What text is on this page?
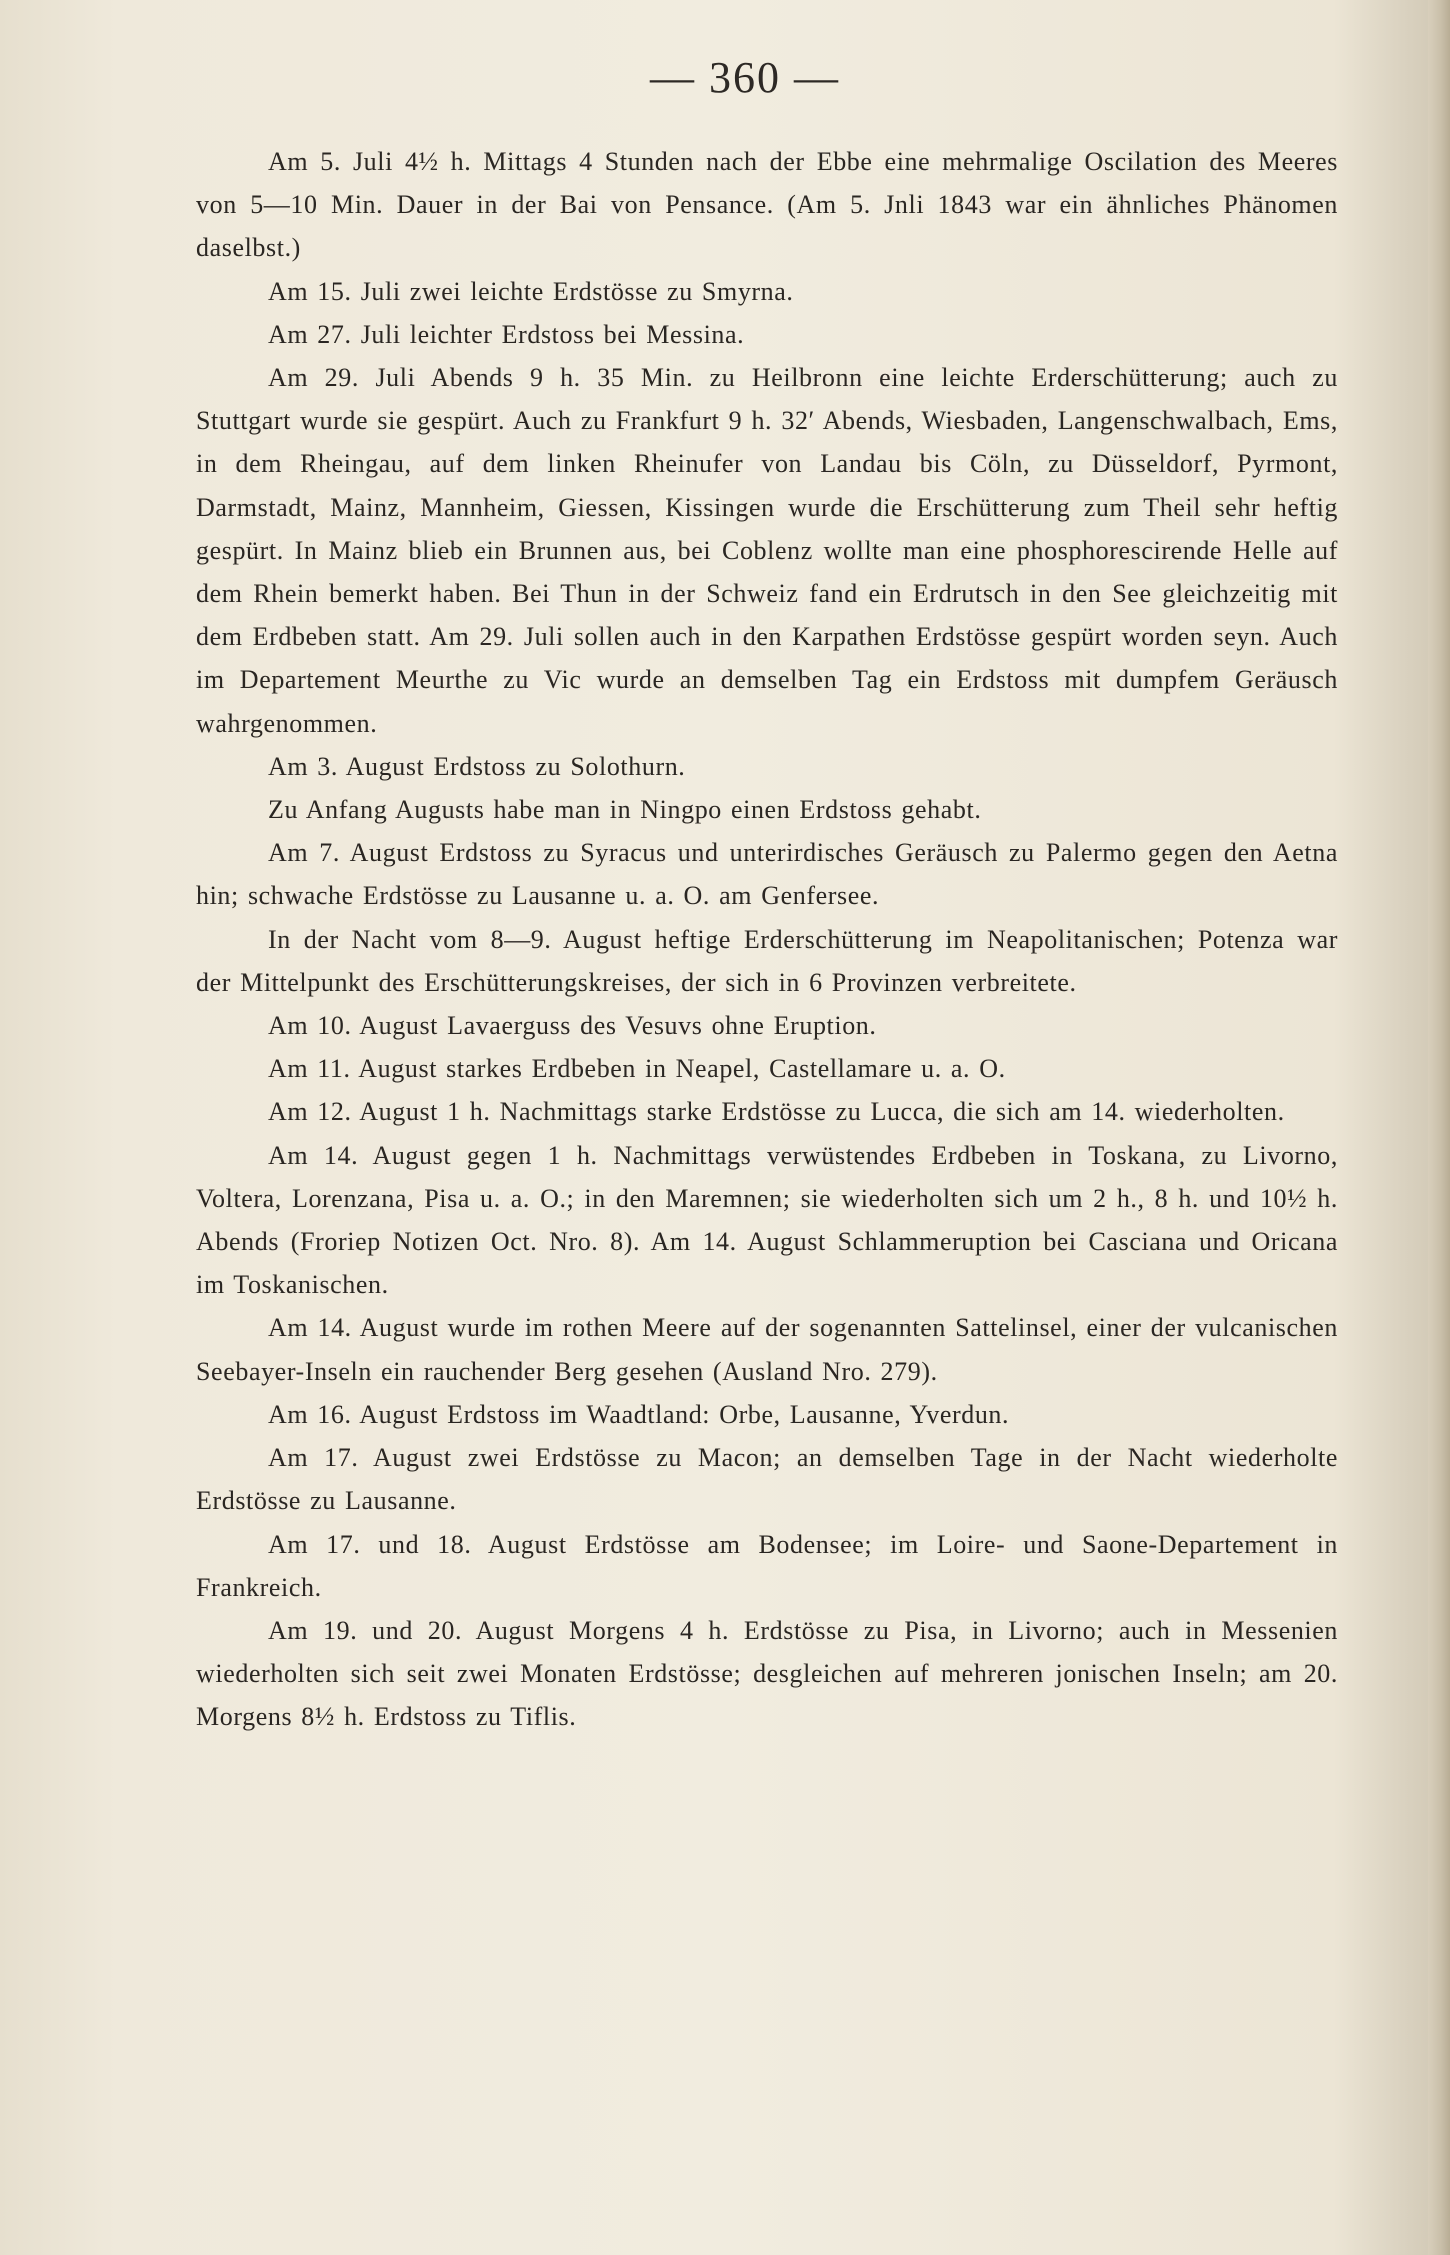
— 360 —

Am 5. Juli 4½ h. Mittags 4 Stunden nach der Ebbe eine mehrmalige Oscilation des Meeres von 5—10 Min. Dauer in der Bai von Pensance. (Am 5. Jnli 1843 war ein ähnliches Phänomen daselbst.)

Am 15. Juli zwei leichte Erdstösse zu Smyrna.

Am 27. Juli leichter Erdstoss bei Messina.

Am 29. Juli Abends 9 h. 35 Min. zu Heilbronn eine leichte Erderschütterung; auch zu Stuttgart wurde sie gespürt. Auch zu Frankfurt 9 h. 32′ Abends, Wiesbaden, Langenschwalbach, Ems, in dem Rheingau, auf dem linken Rheinufer von Landau bis Cöln, zu Düsseldorf, Pyrmont, Darmstadt, Mainz, Mannheim, Giessen, Kissingen wurde die Erschütterung zum Theil sehr heftig gespürt. In Mainz blieb ein Brunnen aus, bei Coblenz wollte man eine phosphorescirende Helle auf dem Rhein bemerkt haben. Bei Thun in der Schweiz fand ein Erdrutsch in den See gleichzeitig mit dem Erdbeben statt. Am 29. Juli sollen auch in den Karpathen Erdstösse gespürt worden seyn. Auch im Departement Meurthe zu Vic wurde an demselben Tag ein Erdstoss mit dumpfem Geräusch wahrgenommen.

Am 3. August Erdstoss zu Solothurn.

Zu Anfang Augusts habe man in Ningpo einen Erdstoss gehabt.

Am 7. August Erdstoss zu Syracus und unterirdisches Geräusch zu Palermo gegen den Aetna hin; schwache Erdstösse zu Lausanne u. a. O. am Genfersee.

In der Nacht vom 8—9. August heftige Erderschütterung im Neapolitanischen; Potenza war der Mittelpunkt des Erschütterungskreises, der sich in 6 Provinzen verbreitete.

Am 10. August Lavaerguss des Vesuvs ohne Eruption.

Am 11. August starkes Erdbeben in Neapel, Castellamare u. a. O.

Am 12. August 1 h. Nachmittags starke Erdstösse zu Lucca, die sich am 14. wiederholten.

Am 14. August gegen 1 h. Nachmittags verwüstendes Erdbeben in Toskana, zu Livorno, Voltera, Lorenzana, Pisa u. a. O.; in den Maremnen; sie wiederholten sich um 2 h., 8 h. und 10½ h. Abends (Froriep Notizen Oct. Nro. 8). Am 14. August Schlammeruption bei Casciana und Oricana im Toskanischen.

Am 14. August wurde im rothen Meere auf der sogenannten Sattelinsel, einer der vulcanischen Seebayer-Inseln ein rauchender Berg gesehen (Ausland Nro. 279).

Am 16. August Erdstoss im Waadtland: Orbe, Lausanne, Yverdun.

Am 17. August zwei Erdstösse zu Macon; an demselben Tage in der Nacht wiederholte Erdstösse zu Lausanne.

Am 17. und 18. August Erdstösse am Bodensee; im Loire- und Saone-Departement in Frankreich.

Am 19. und 20. August Morgens 4 h. Erdstösse zu Pisa, in Livorno; auch in Messenien wiederholten sich seit zwei Monaten Erdstösse; desgleichen auf mehreren jonischen Inseln; am 20. Morgens 8½ h. Erdstoss zu Tiflis.
